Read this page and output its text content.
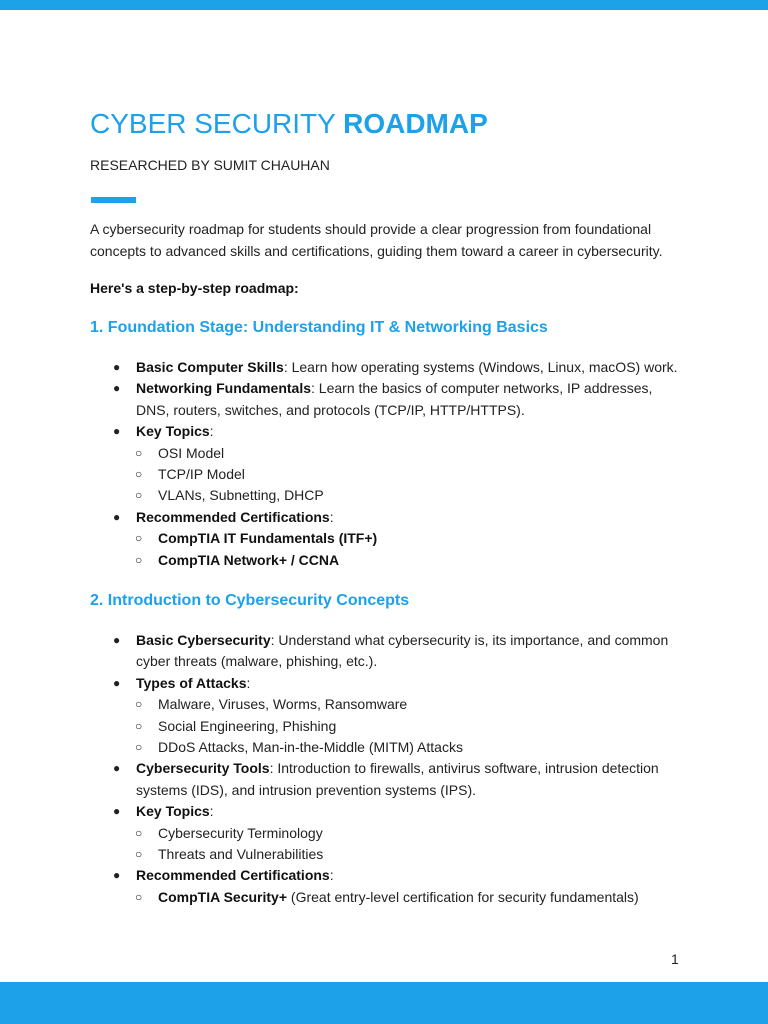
CYBER SECURITY ROADMAP
RESEARCHED BY SUMIT CHAUHAN

A cybersecurity roadmap for students should provide a clear progression from foundational concepts to advanced skills and certifications, guiding them toward a career in cybersecurity.

Here's a step-by-step roadmap:
1. Foundation Stage: Understanding IT & Networking Basics
● Basic Computer Skills: Learn how operating systems (Windows, Linux, macOS) work.
● Networking Fundamentals: Learn the basics of computer networks, IP addresses, DNS, routers, switches, and protocols (TCP/IP, HTTP/HTTPS).
● Key Topics:
○ OSI Model
○ TCP/IP Model
○ VLANs, Subnetting, DHCP
● Recommended Certifications:
○ CompTIA IT Fundamentals (ITF+)
○ CompTIA Network+ / CCNA
2. Introduction to Cybersecurity Concepts
● Basic Cybersecurity: Understand what cybersecurity is, its importance, and common cyber threats (malware, phishing, etc.).
● Types of Attacks:
○ Malware, Viruses, Worms, Ransomware
○ Social Engineering, Phishing
○ DDoS Attacks, Man-in-the-Middle (MITM) Attacks
● Cybersecurity Tools: Introduction to firewalls, antivirus software, intrusion detection systems (IDS), and intrusion prevention systems (IPS).
● Key Topics:
○ Cybersecurity Terminology
○ Threats and Vulnerabilities
● Recommended Certifications:
○ CompTIA Security+ (Great entry-level certification for security fundamentals)
1
